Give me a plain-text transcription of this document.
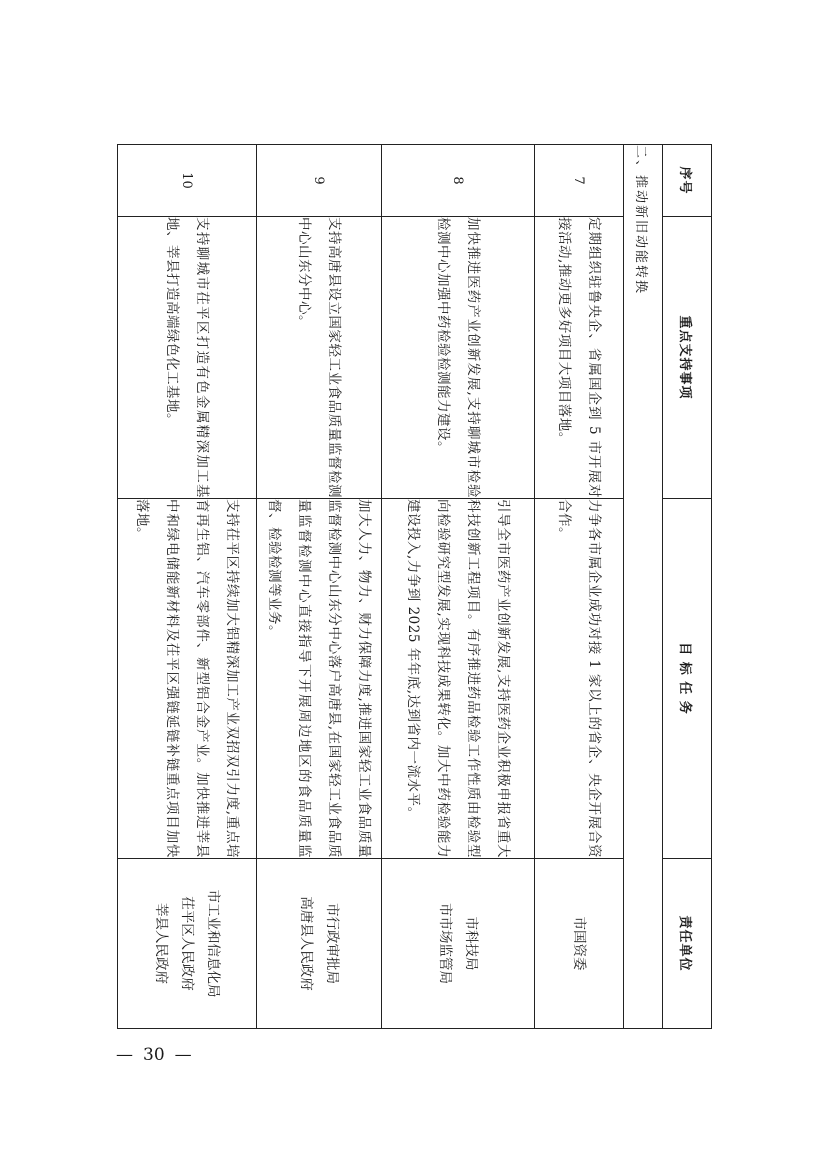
序号	重点支持事项	目 标 任 务	责任单位
二、推动新旧动能转换			
7	定期组织驻鲁央企、省属国企到 5 市开展对接活动,推动更多好项目大项目落地。	力争各市属企业成功对接 1 家以上的省企、央企开展合资合作。	市国资委

8	加快推进医药产业创新发展,支持聊城市检验检测中心加强中药检验检测能力建设。	引导全市医药产业创新发展,支持医药企业积极申报省重大科技创新工程项目。有序推进药品检验工作性质由检验型向检验研究型发展,实现科技成果转化。加大中药检验能力建设投入,力争到 2025 年年底,达到省内一流水平。	市科技局
市市场监管局

9	支持高唐县设立国家轻工业食品质量监督检测中心山东分中心。	加大人力、物力、财力保障力度,推进国家轻工业食品质量监督检测中心山东分中心落户高唐县,在国家轻工业食品质量监督检测中心直接指导下开展周边地区的食品质量监督、检验检测等业务。	市行政审批局
高唐县人民政府

10	支持聊城市茌平区打造有色金属精深加工基地、莘县打造高端绿色化工基地。	支持茌平区持续加大铝精深加工产业双招双引力度,重点培育再生铝、汽车零部件、新型铝合金产业。加快推进莘县中和绿电储能新材料及茌平区强链延链补链重点项目加快落地。	市工业和信息化局
茌平区人民政府
莘县人民政府
— 30 —
